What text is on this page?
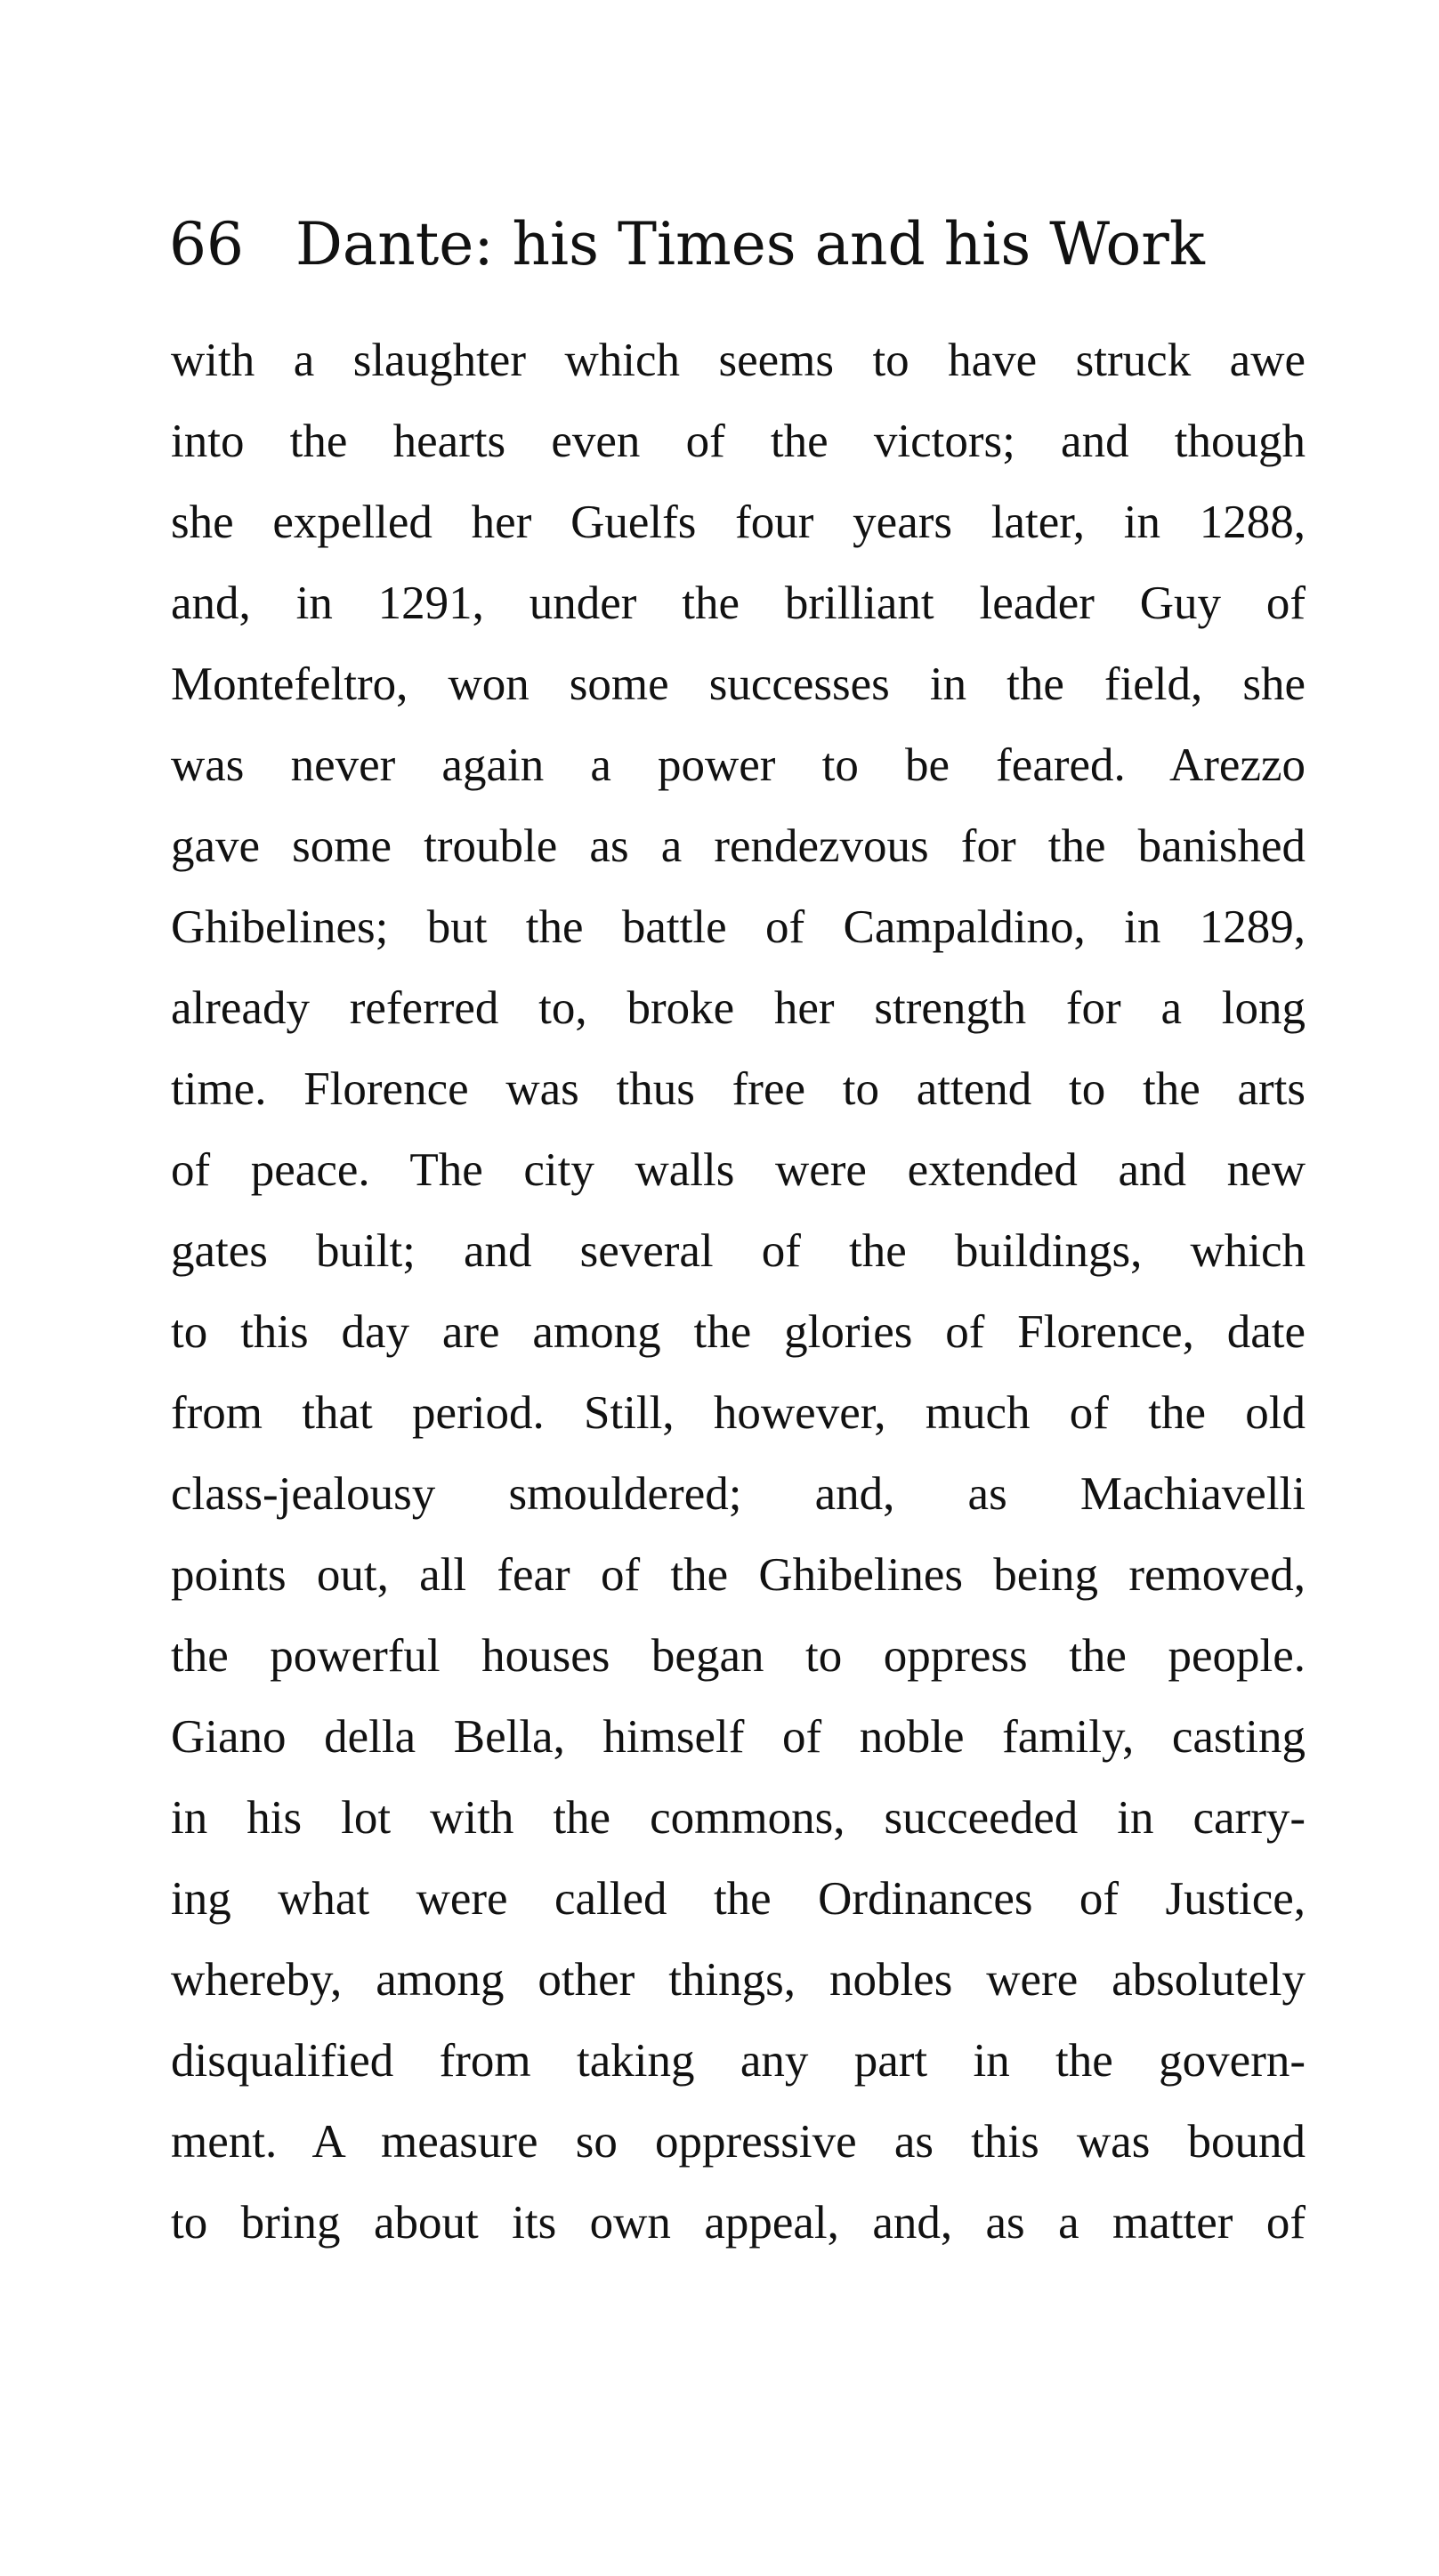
66 Dante: his Times and his Work
with a slaughter which seems to have struck awe
into the hearts even of the victors; and though
she expelled her Guelfs four years later, in 1288,
and, in 1291, under the brilliant leader Guy of
Montefeltro, won some successes in the field, she
was never again a power to be feared. Arezzo
gave some trouble as a rendezvous for the banished
Ghibelines; but the battle of Campaldino, in 1289,
already referred to, broke her strength for a long
time. Florence was thus free to attend to the arts
of peace. The city walls were extended and new
gates built; and several of the buildings, which
to this day are among the glories of Florence, date
from that period. Still, however, much of the old
class-jealousy smouldered; and, as Machiavelli
points out, all fear of the Ghibelines being removed,
the powerful houses began to oppress the people.
Giano della Bella, himself of noble family, casting
in his lot with the commons, succeeded in carry-
ing what were called the Ordinances of Justice,
whereby, among other things, nobles were absolutely
disqualified from taking any part in the govern-
ment. A measure so oppressive as this was bound
to bring about its own appeal, and, as a matter of
